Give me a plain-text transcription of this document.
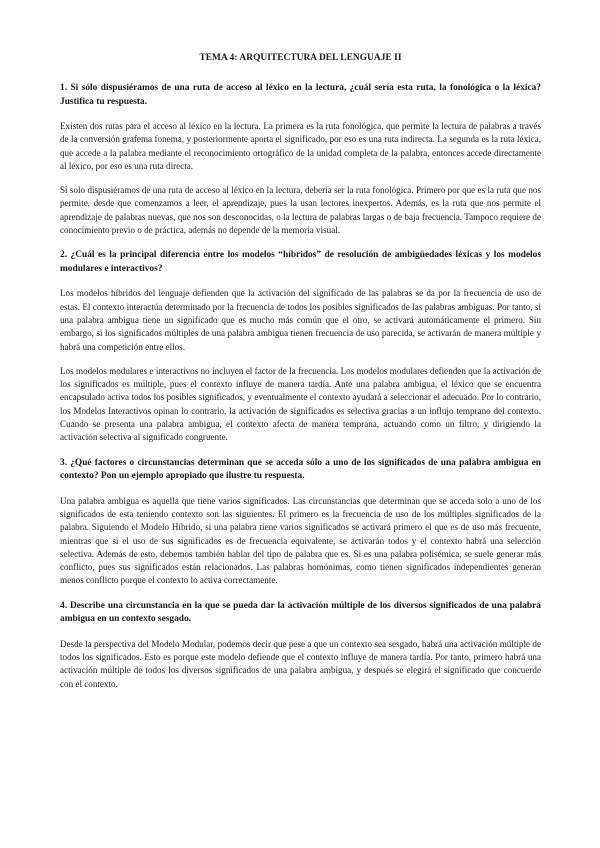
TEMA 4: ARQUITECTURA DEL LENGUAJE II
1. Si sólo dispusiéramos de una ruta de acceso al léxico en la lectura, ¿cuál sería esta ruta, la fonológica o la léxica? Justifica tu respuesta.
Existen dos rutas para el acceso al léxico en la lectura. La primera es la ruta fonológica, que permite la lectura de palabras a través de la conversión grafema fonema, y posteriormente aporta el significado, por eso es una ruta indirecta. La segunda es la ruta léxica, que accede a la palabra mediante el reconocimiento ortográfico de la unidad completa de la palabra, entonces accede directamente al léxico, por eso es una ruta directa.
Si solo dispusiéramos de una ruta de acceso al léxico en la lectura, debería ser la ruta fonológica. Primero por que es la ruta que nos permite, desde que comenzamos a leer, el aprendizaje, pues la usan lectores inexpertos. Además, es la ruta que nos permite el aprendizaje de palabras nuevas, que nos son desconocidas, o la lectura de palabras largas o de baja frecuencia. Tampoco requiere de conocimiento previo o de práctica, además no depende de la memoria visual.
2. ¿Cuál es la principal diferencia entre los modelos “híbridos” de resolución de ambigüedades léxicas y los modelos modulares e interactivos?
Los modelos híbridos del lenguaje defienden que la activación del significado de las palabras se da por la frecuencia de uso de estas. El contexto interactúa determinado por la frecuencia de todos los posibles significados de las palabras ambiguas. Por tanto, si una palabra ambigua tiene un significado que es mucho más común que el otro, se activará automáticamente el primero. Sin embargo, si los significados múltiples de una palabra ambigua tienen frecuencia de uso parecida, se activarán de manera múltiple y habrá una competición entre ellos.
Los modelos modulares e interactivos no incluyen el factor de la frecuencia. Los modelos modulares defienden que la activación de los significados es múltiple, pues el contexto influye de manera tardía. Ante una palabra ambigua, el léxico que se encuentra encapsulado activa todos los posibles significados, y eventualmente el contexto ayudará a seleccionar el adecuado. Por lo contrario, los Modelos Interactivos opinan lo contrario, la activación de significados es selectiva gracias a un influjo temprano del contexto. Cuando se presenta una palabra ambigua, el contexto afecta de manera temprana, actuando como un filtro, y dirigiendo la activación selectiva al significado congruente.
3. ¿Qué factores o circunstancias determinan que se acceda sólo a uno de los significados de una palabra ambigua en contexto? Pon un ejemplo apropiado que ilustre tu respuesta.
Una palabra ambigua es aquella que tiene varios significados. Las circunstancias que determinan que se acceda solo a uno de los significados de esta teniendo contexto son las siguientes. El primero es la frecuencia de uso de los múltiples significados de la palabra. Siguiendo el Modelo Híbrido, si una palabra tiene varios significados se activará primero el que es de uso más frecuente, mientras que si el uso de sus significados es de frecuencia equivalente, se activarán todos y el contexto habrá una selección selectiva. Además de esto, debemos también hablar del tipo de palabra que es. Si es una palabra polisémica, se suele generar más conflicto, pues sus significados están relacionados. Las palabras homónimas, como tienen significados independientes generan menos conflicto porque el contexto lo activa correctamente.
4. Describe una circunstancia en la que se pueda dar la activación múltiple de los diversos significados de una palabra ambigua en un contexto sesgado.
Desde la perspectiva del Modelo Modular, podemos decir que pese a que un contexto sea sesgado, habrá una activación múltiple de todos los significados. Esto es porque este modelo defiende que el contexto influye de manera tardía. Por tanto, primero habrá una activación múltiple de todos los diversos significados de una palabra ambigua, y después se elegirá el significado que concuerde con el contexto.
